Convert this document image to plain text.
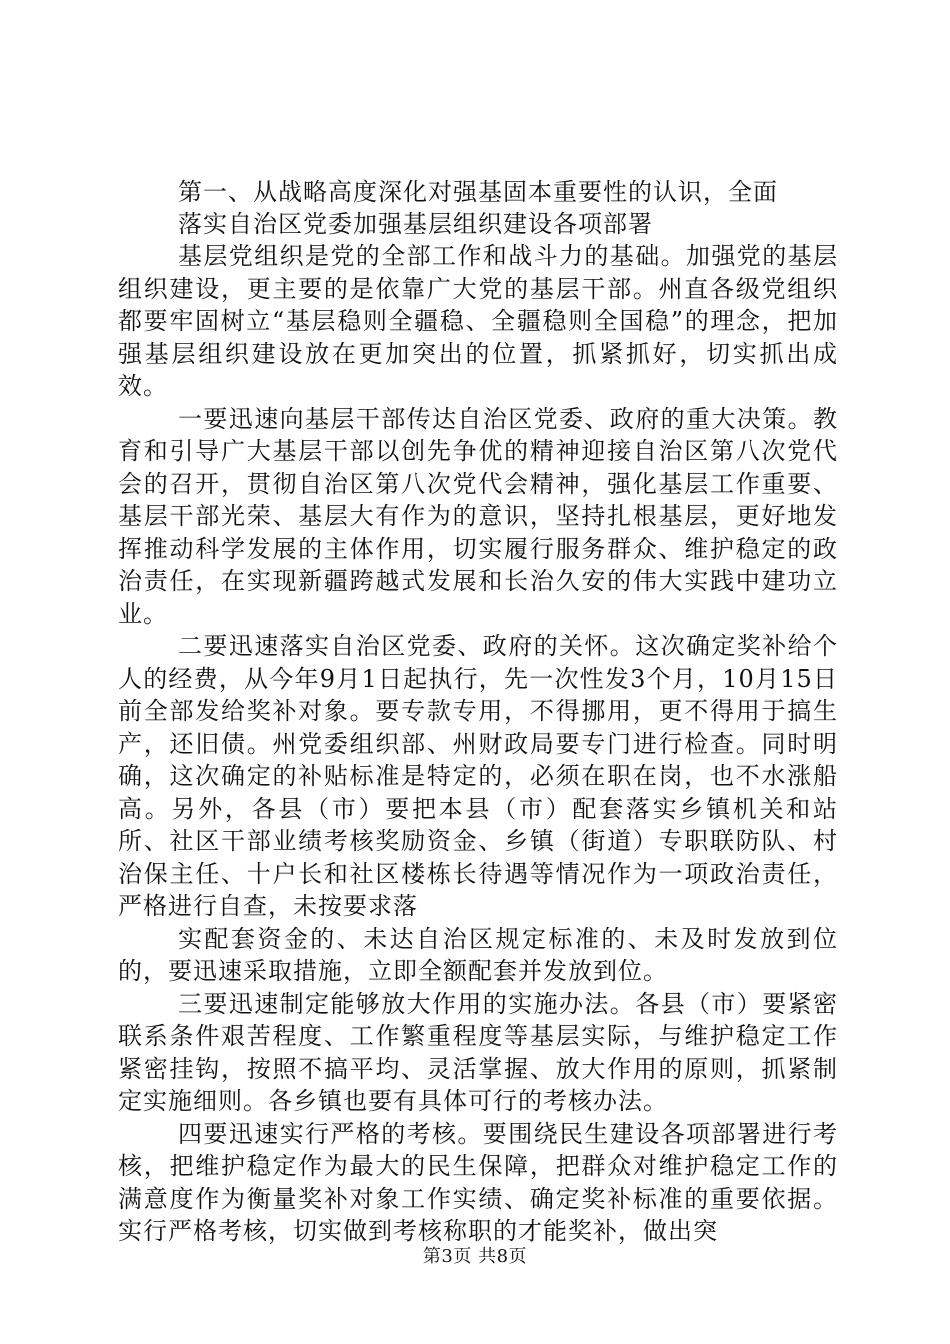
第一、从战略高度深化对强基固本重要性的认识，全面
落实自治区党委加强基层组织建设各项部署

基层党组织是党的全部工作和战斗力的基础。加强党的基层组织建设，更主要的是依靠广大党的基层干部。州直各级党组织都要牢固树立“基层稳则全疆稳、全疆稳则全国稳”的理念，把加强基层组织建设放在更加突出的位置，抓紧抓好，切实抓出成效。

一要迅速向基层干部传达自治区党委、政府的重大决策。教育和引导广大基层干部以创先争优的精神迎接自治区第八次党代会的召开，贯彻自治区第八次党代会精神，强化基层工作重要、基层干部光荣、基层大有作为的意识，坚持扎根基层，更好地发挥推动科学发展的主体作用，切实履行服务群众、维护稳定的政治责任，在实现新疆跨越式发展和长治久安的伟大实践中建功立业。

二要迅速落实自治区党委、政府的关怀。这次确定奖补给个人的经费，从今年9月1日起执行，先一次性发3个月，10月15日前全部发给奖补对象。要专款专用，不得挪用，更不得用于搞生产，还旧债。州党委组织部、州财政局要专门进行检查。同时明确，这次确定的补贴标准是特定的，必须在职在岗，也不水涨船高。另外，各县（市）要把本县（市）配套落实乡镇机关和站所、社区干部业绩考核奖励资金、乡镇（街道）专职联防队、村治保主任、十户长和社区楼栋长待遇等情况作为一项政治责任，严格进行自查，未按要求落

实配套资金的、未达自治区规定标准的、未及时发放到位的，要迅速采取措施，立即全额配套并发放到位。

三要迅速制定能够放大作用的实施办法。各县（市）要紧密联系条件艰苦程度、工作繁重程度等基层实际，与维护稳定工作紧密挂钩，按照不搞平均、灵活掌握、放大作用的原则，抓紧制定实施细则。各乡镇也要有具体可行的考核办法。

四要迅速实行严格的考核。要围绕民生建设各项部署进行考核，把维护稳定作为最大的民生保障，把群众对维护稳定工作的满意度作为衡量奖补对象工作实绩、确定奖补标准的重要依据。实行严格考核，切实做到考核称职的才能奖补，做出突

第3页 共8页
